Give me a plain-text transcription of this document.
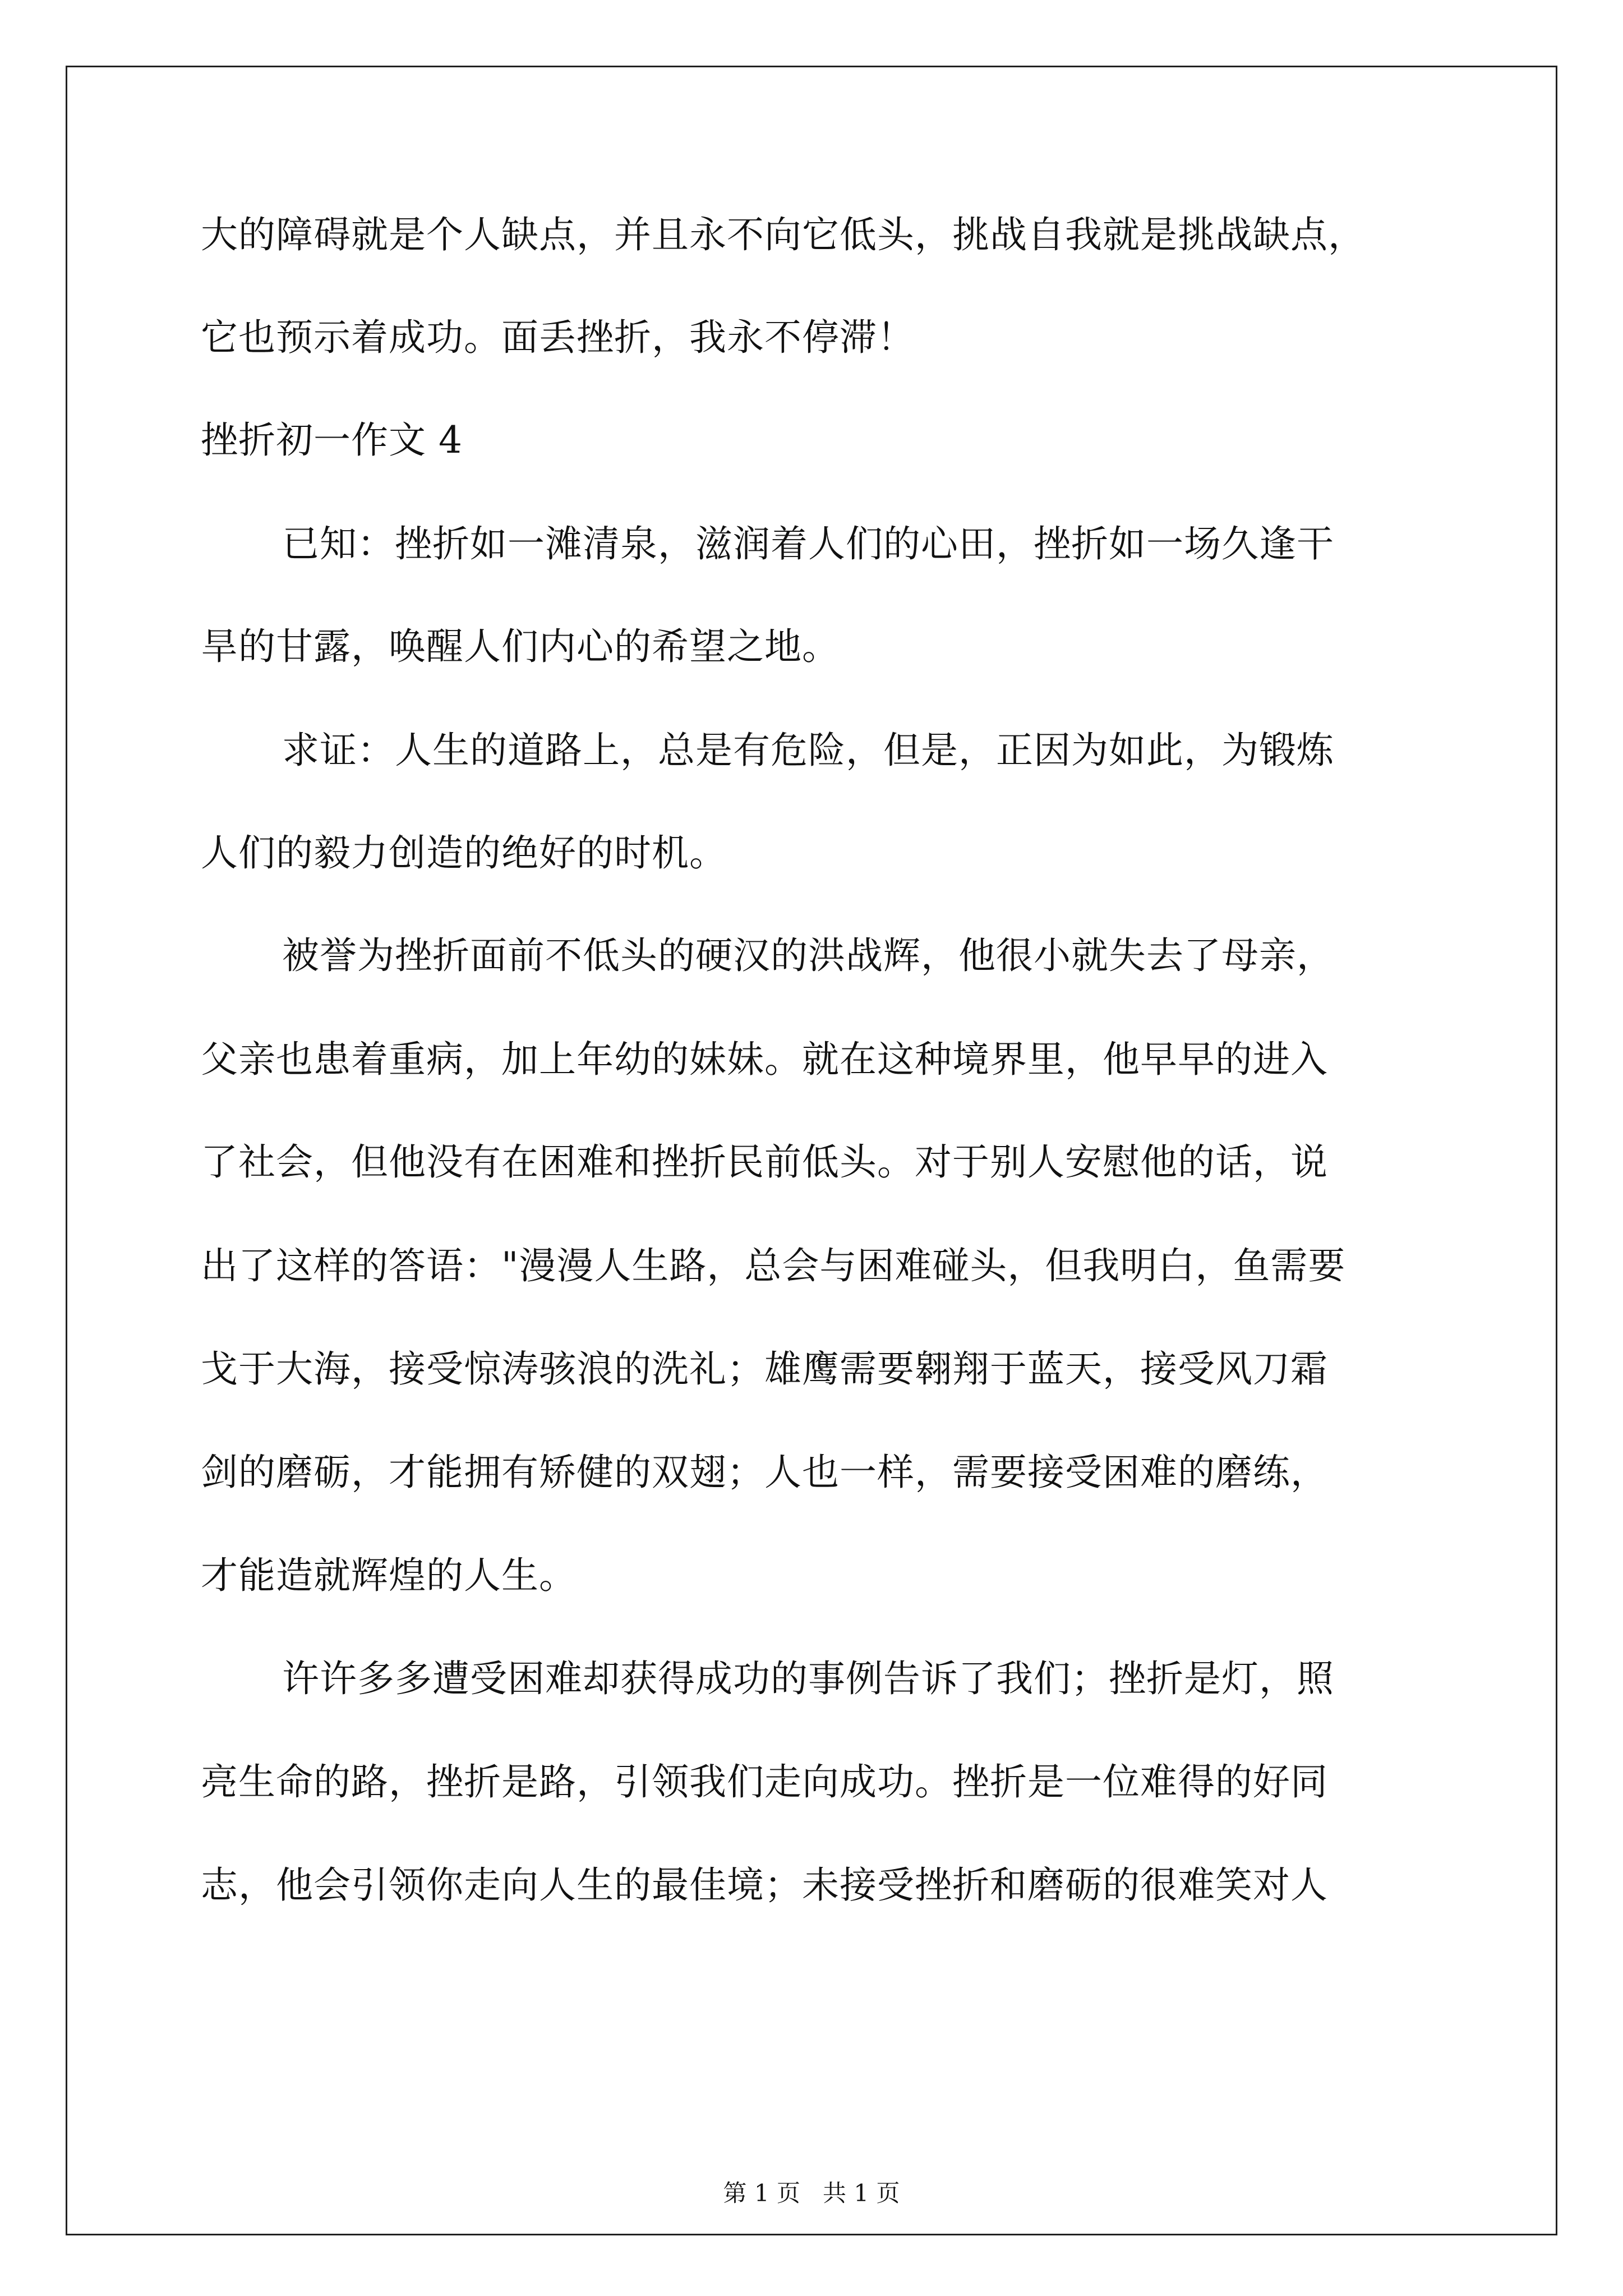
大的障碍就是个人缺点，并且永不向它低头，挑战自我就是挑战缺点，
它也预示着成功。面丢挫折，我永不停滞！
挫折初一作文 4
已知：挫折如一滩清泉，滋润着人们的心田，挫折如一场久逢干
旱的甘露，唤醒人们内心的希望之地。
求证：人生的道路上，总是有危险，但是，正因为如此，为锻炼
人们的毅力创造的绝好的时机。
被誉为挫折面前不低头的硬汉的洪战辉，他很小就失去了母亲，
父亲也患着重病，加上年幼的妹妹。就在这种境界里，他早早的进入
了社会，但他没有在困难和挫折民前低头。对于别人安慰他的话，说
出了这样的答语："漫漫人生路，总会与困难碰头，但我明白，鱼需要
戈于大海，接受惊涛骇浪的洗礼；雄鹰需要翱翔于蓝天，接受风刀霜
剑的磨砺，才能拥有矫健的双翅；人也一样，需要接受困难的磨练，
才能造就辉煌的人生。
许许多多遭受困难却获得成功的事例告诉了我们；挫折是灯，照
亮生命的路，挫折是路，引领我们走向成功。挫折是一位难得的好同
志，他会引领你走向人生的最佳境；未接受挫折和磨砺的很难笑对人
第 1 页   共 1 页
